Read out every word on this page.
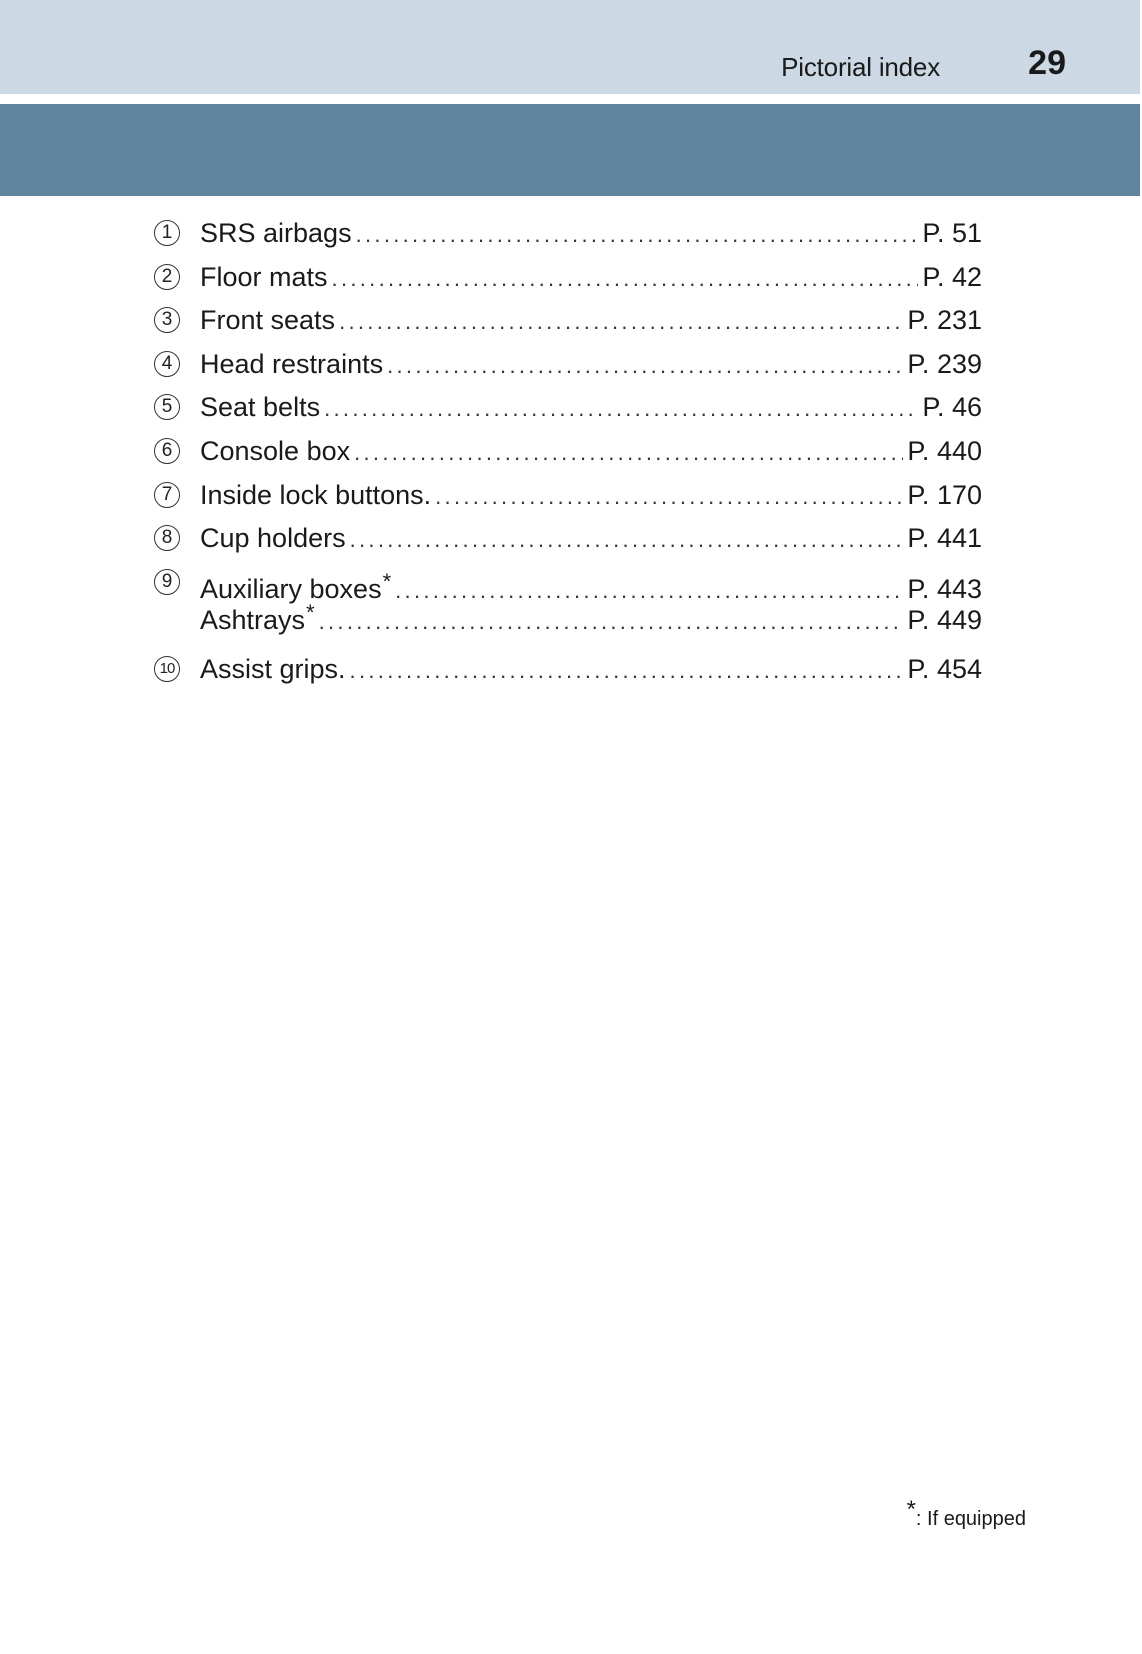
Pictorial index	29
1 SRS airbags .....	P. 51
2 Floor mats .....	P. 42
3 Front seats .....	P. 231
4 Head restraints .....	P. 239
5 Seat belts .....	P. 46
6 Console box .....	P. 440
7 Inside lock buttons. .....	P. 170
8 Cup holders .....	P. 441
9 Auxiliary boxes* .....	P. 443
Ashtrays* .....	P. 449
10 Assist grips. .....	P. 454
*: If equipped
